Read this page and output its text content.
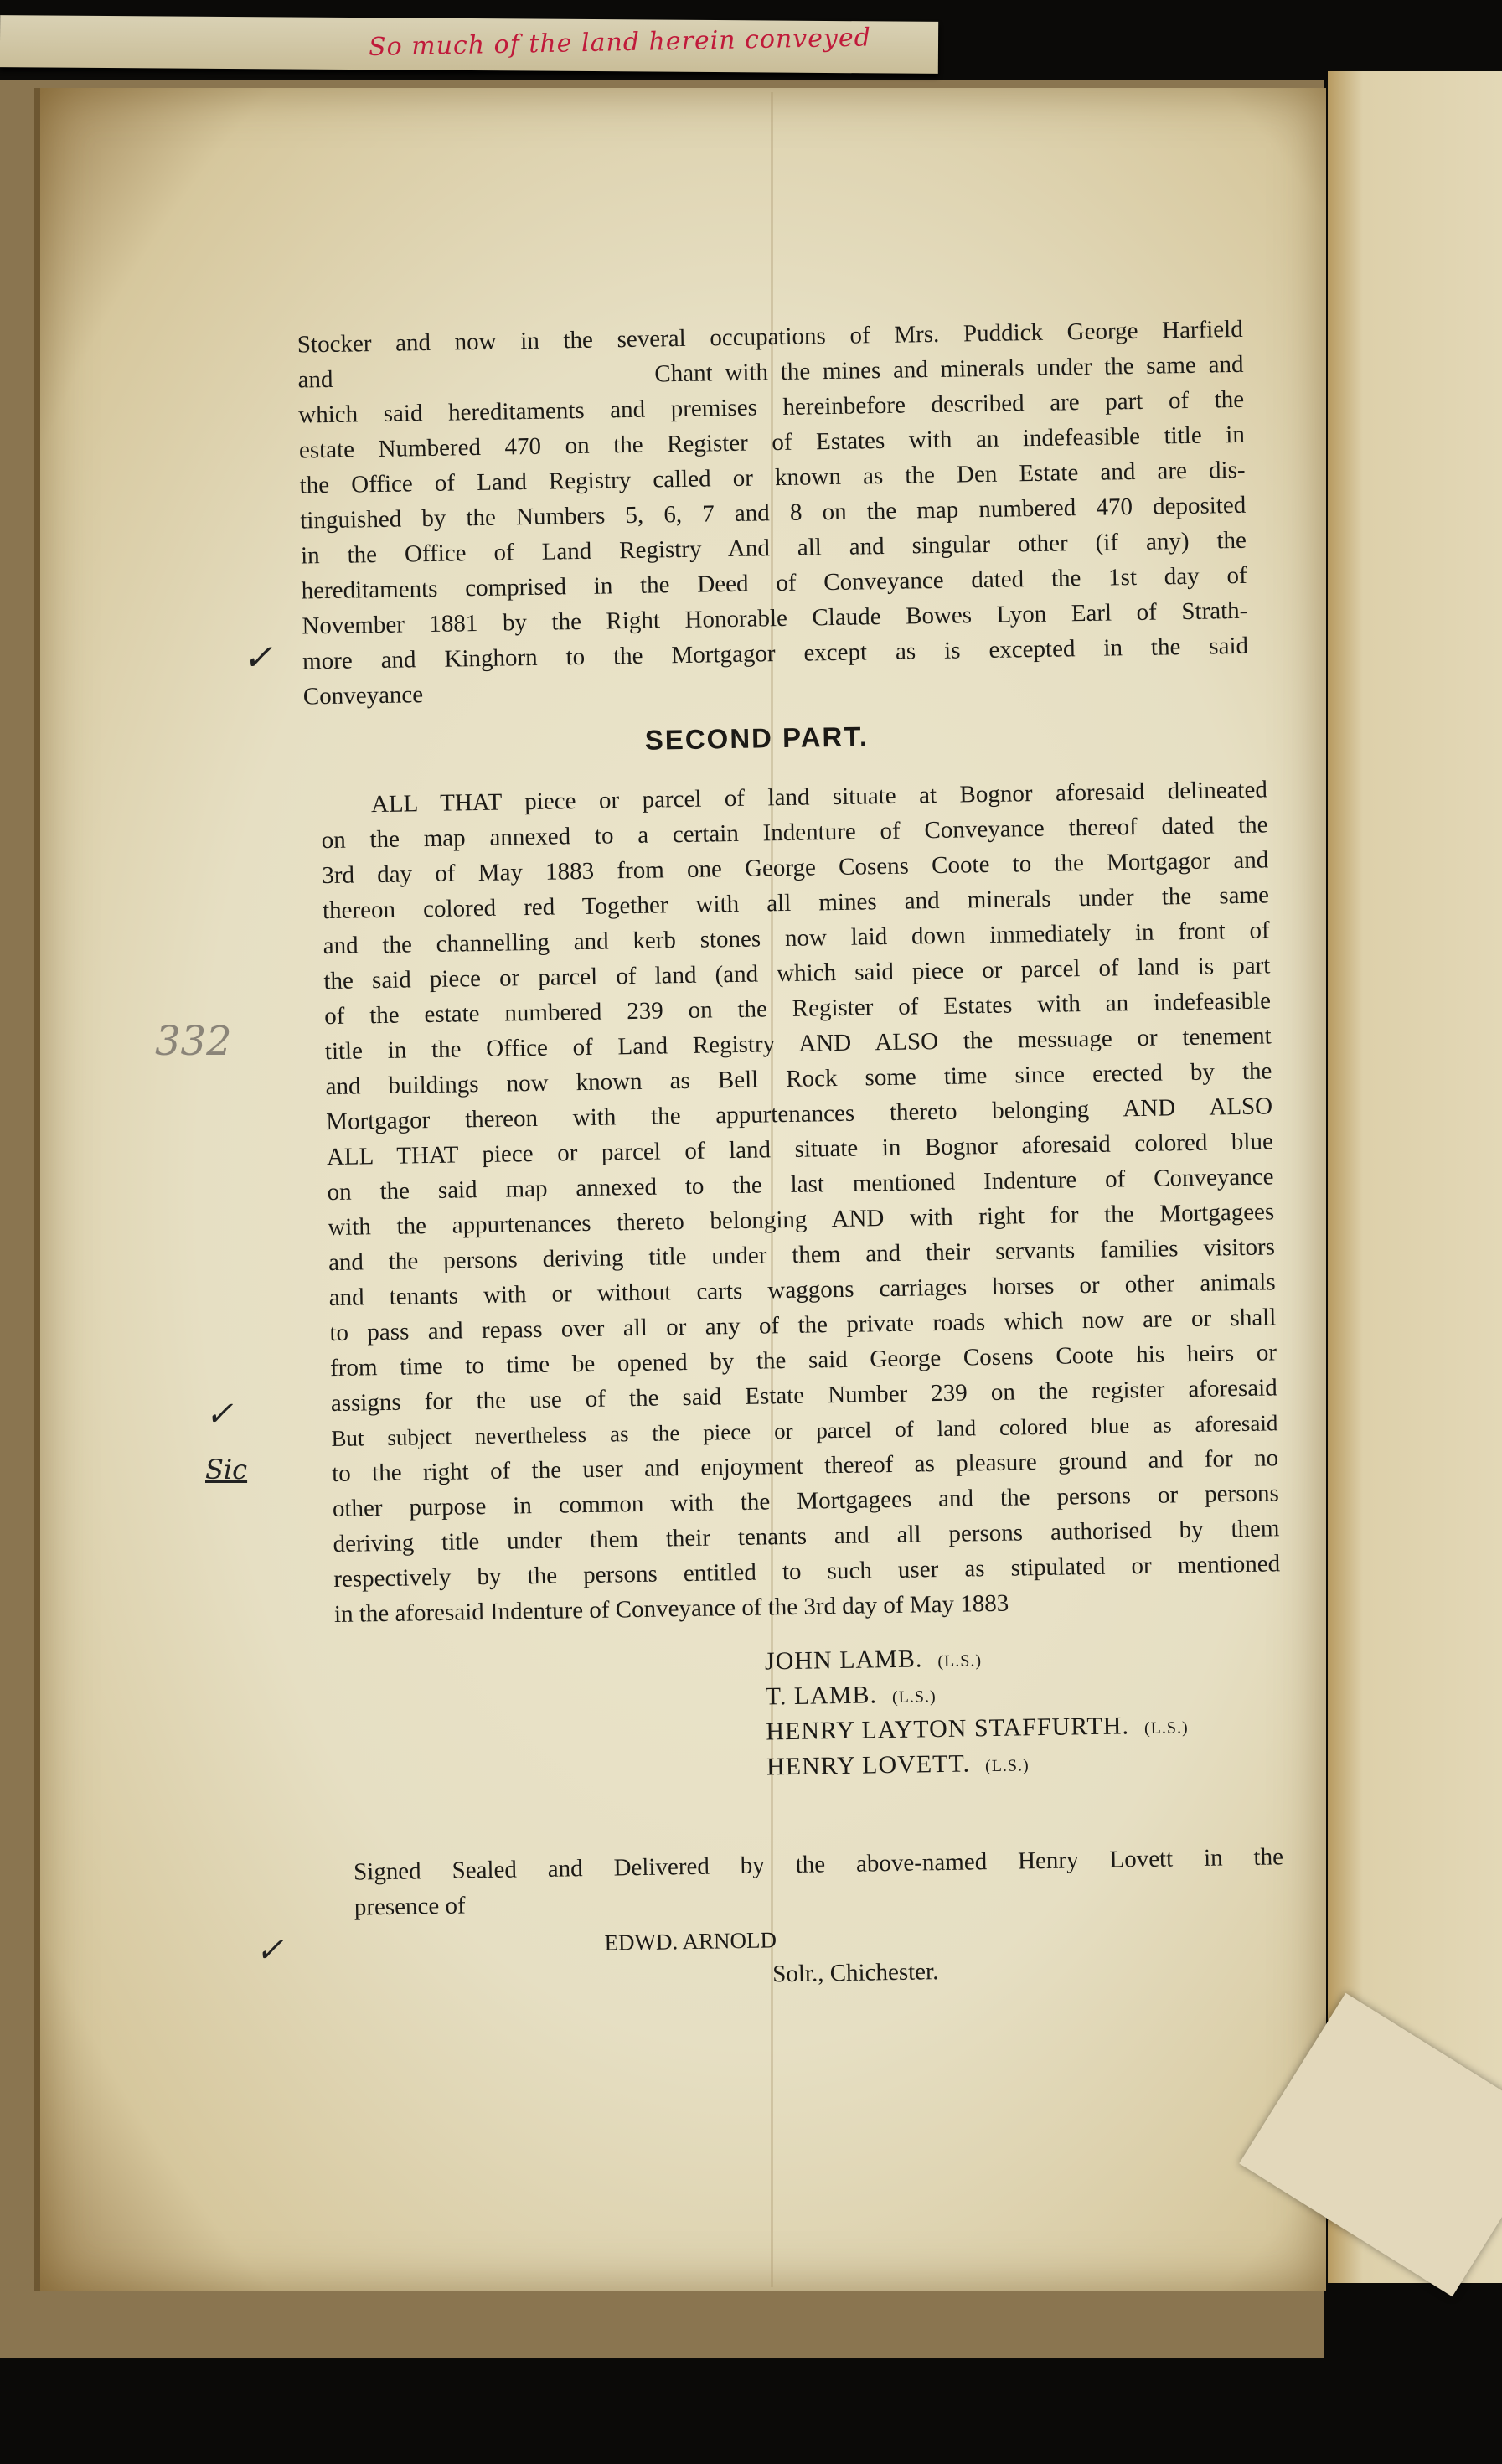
So much of the land herein conveyed
Stocker and now in the several occupations of Mrs. Puddick George Harfield
and                          Chant with the mines and minerals under the same and
which said hereditaments and premises hereinbefore described are part of the
estate Numbered 470 on the Register of Estates with an indefeasible title in
the Office of Land Registry called or known as the Den Estate and are dis-
tinguished by the Numbers 5, 6, 7 and 8 on the map numbered 470 deposited
in the Office of Land Registry And all and singular other (if any) the
hereditaments comprised in the Deed of Conveyance dated the 1st day of
November 1881 by the Right Honorable Claude Bowes Lyon Earl of Strath-
more and Kinghorn to the Mortgagor except as is excepted in the said
Conveyance
SECOND PART.
ALL THAT piece or parcel of land situate at Bognor aforesaid delineated
on the map annexed to a certain Indenture of Conveyance thereof dated the
3rd day of May 1883 from one George Cosens Coote to the Mortgagor and
thereon colored red Together with all mines and minerals under the same
and the channelling and kerb stones now laid down immediately in front of
the said piece or parcel of land (and which said piece or parcel of land is part
of the estate numbered 239 on the Register of Estates with an indefeasible
title in the Office of Land Registry AND ALSO the messuage or tenement
and buildings now known as Bell Rock some time since erected by the
Mortgagor thereon with the appurtenances thereto belonging AND ALSO
ALL THAT piece or parcel of land situate in Bognor aforesaid colored blue
on the said map annexed to the last mentioned Indenture of Conveyance
with the appurtenances thereto belonging AND with right for the Mortgagees
and the persons deriving title under them and their servants families visitors
and tenants with or without carts waggons carriages horses or other animals
to pass and repass over all or any of the private roads which now are or shall
from time to time be opened by the said George Cosens Coote his heirs or
assigns for the use of the said Estate Number 239 on the register aforesaid
But subject nevertheless as the piece or parcel of land colored blue as aforesaid
to the right of the user and enjoyment thereof as pleasure ground and for no
other purpose in common with the Mortgagees and the persons or persons
deriving title under them their tenants and all persons authorised by them
respectively by the persons entitled to such user as stipulated or mentioned
in the aforesaid Indenture of Conveyance of the 3rd day of May 1883
JOHN LAMB. (L.S.)
T. LAMB. (L.S.)
HENRY LAYTON STAFFURTH. (L.S.)
HENRY LOVETT. (L.S.)
Signed Sealed and Delivered by the above-named Henry Lovett in the
presence of
EDWD. ARNOLD
Solr., Chichester.
✓
332
✓
Sic
✓
